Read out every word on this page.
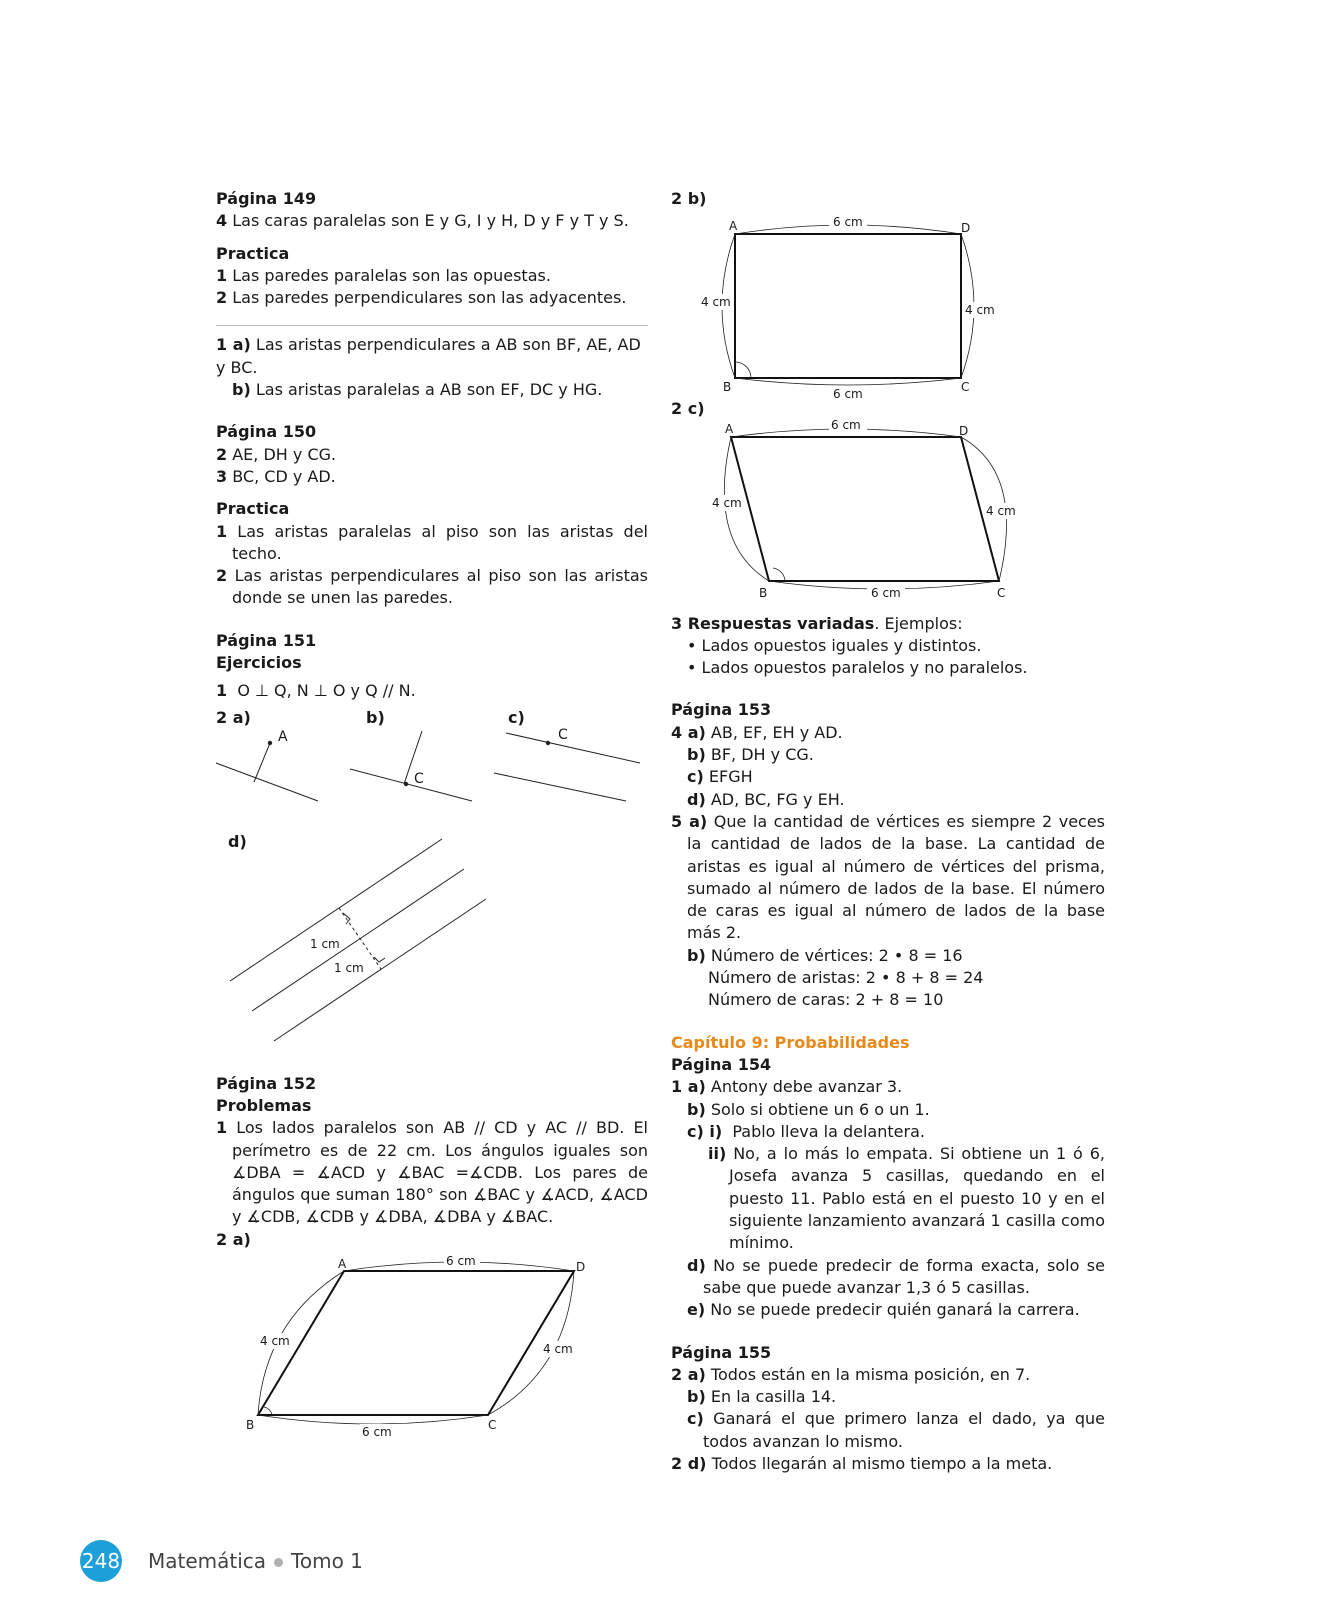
Página 149
4 Las caras paralelas son E y G, I y H, D y F y T y S.
Practica
1 Las paredes paralelas son las opuestas.
2 Las paredes perpendiculares son las adyacentes.
1 a) Las aristas perpendiculares a AB son BF, AE, AD y BC.
b) Las aristas paralelas a AB son EF, DC y HG.
Página 150
2 AE, DH y CG.
3 BC, CD y AD.
Practica
1 Las aristas paralelas al piso son las aristas del techo.
2 Las aristas perpendiculares al piso son las aristas donde se unen las paredes.
Página 151
Ejercicios
1 O ⊥ Q, N ⊥ O y Q // N.
2 a)	b)	c)
A
C
C
d)
1 cm
1 cm
Página 152
Problemas
1 Los lados paralelos son AB // CD y AC // BD. El perímetro es de 22 cm. Los ángulos iguales son ∡DBA = ∡ACD y ∡BAC =∡CDB. Los pares de ángulos que suman 180° son ∡BAC y ∡ACD, ∡ACD y ∡CDB, ∡CDB y ∡DBA, ∡DBA y ∡BAC.
2 a)
6 cm
4 cm
4 cm
6 cm
A	D
B	C
2 b)
6 cm
4 cm
4 cm
6 cm
A	D
B	C
2 c)
6 cm
4 cm
4 cm
6 cm
A	D
B	C
3 Respuestas variadas. Ejemplos:
• Lados opuestos iguales y distintos.
• Lados opuestos paralelos y no paralelos.
Página 153
4 a) AB, EF, EH y AD.
b) BF, DH y CG.
c) EFGH
d) AD, BC, FG y EH.
5 a) Que la cantidad de vértices es siempre 2 veces la cantidad de lados de la base. La cantidad de aristas es igual al número de vértices del prisma, sumado al número de lados de la base. El número de caras es igual al número de lados de la base más 2.
b) Número de vértices: 2 • 8 = 16
Número de aristas: 2 • 8 + 8 = 24
Número de caras: 2 + 8 = 10
Capítulo 9: Probabilidades
Página 154
1 a) Antony debe avanzar 3.
b) Solo si obtiene un 6 o un 1.
c) i) Pablo lleva la delantera.
ii) No, a lo más lo empata. Si obtiene un 1 ó 6, Josefa avanza 5 casillas, quedando en el puesto 11. Pablo está en el puesto 10 y en el siguiente lanzamiento avanzará 1 casilla como mínimo.
d) No se puede predecir de forma exacta, solo se sabe que puede avanzar 1,3 ó 5 casillas.
e) No se puede predecir quién ganará la carrera.
Página 155
2 a) Todos están en la misma posición, en 7.
b) En la casilla 14.
c) Ganará el que primero lanza el dado, ya que todos avanzan lo mismo.
2 d) Todos llegarán al mismo tiempo a la meta.
248 Matemática Tomo 1
